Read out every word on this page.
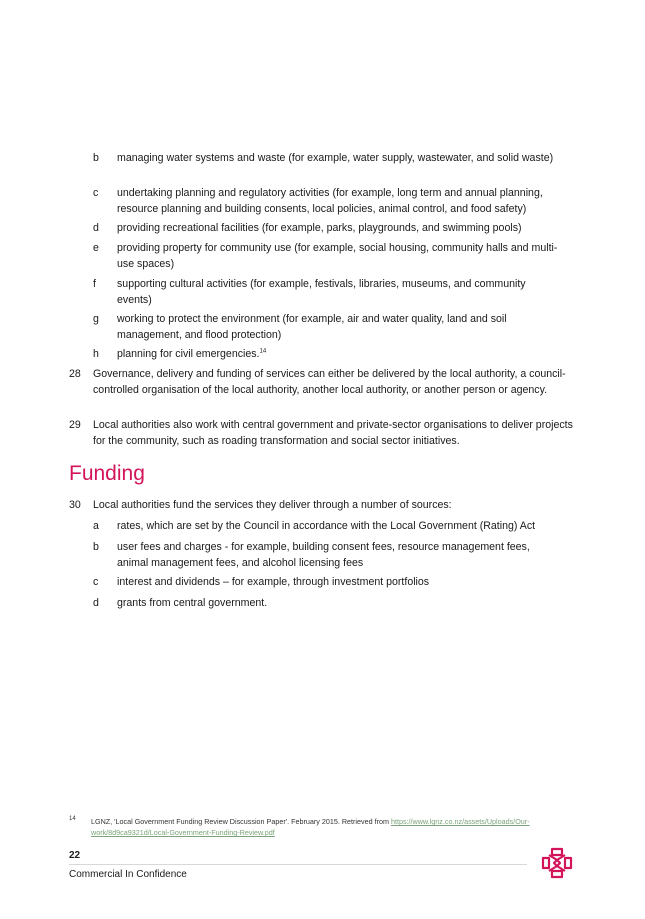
b managing water systems and waste (for example, water supply, wastewater, and solid waste)
c undertaking planning and regulatory activities (for example, long term and annual planning, resource planning and building consents, local policies, animal control, and food safety)
d providing recreational facilities (for example, parks, playgrounds, and swimming pools)
e providing property for community use (for example, social housing, community halls and multi-use spaces)
f supporting cultural activities (for example, festivals, libraries, museums, and community events)
g working to protect the environment (for example, air and water quality, land and soil management, and flood protection)
h planning for civil emergencies.$^{14}$
28 Governance, delivery and funding of services can either be delivered by the local authority, a council-controlled organisation of the local authority, another local authority, or another person or agency.
29 Local authorities also work with central government and private-sector organisations to deliver projects for the community, such as roading transformation and social sector initiatives.
Funding
30 Local authorities fund the services they deliver through a number of sources:
a rates, which are set by the Council in accordance with the Local Government (Rating) Act
b user fees and charges - for example, building consent fees, resource management fees, animal management fees, and alcohol licensing fees
c interest and dividends – for example, through investment portfolios
d grants from central government.
14 LGNZ, 'Local Government Funding Review Discussion Paper'. February 2015. Retrieved from https://www.lgnz.co.nz/assets/Uploads/Our-work/8d9ca9321d/Local-Government-Funding-Review.pdf
22
Commercial In Confidence
